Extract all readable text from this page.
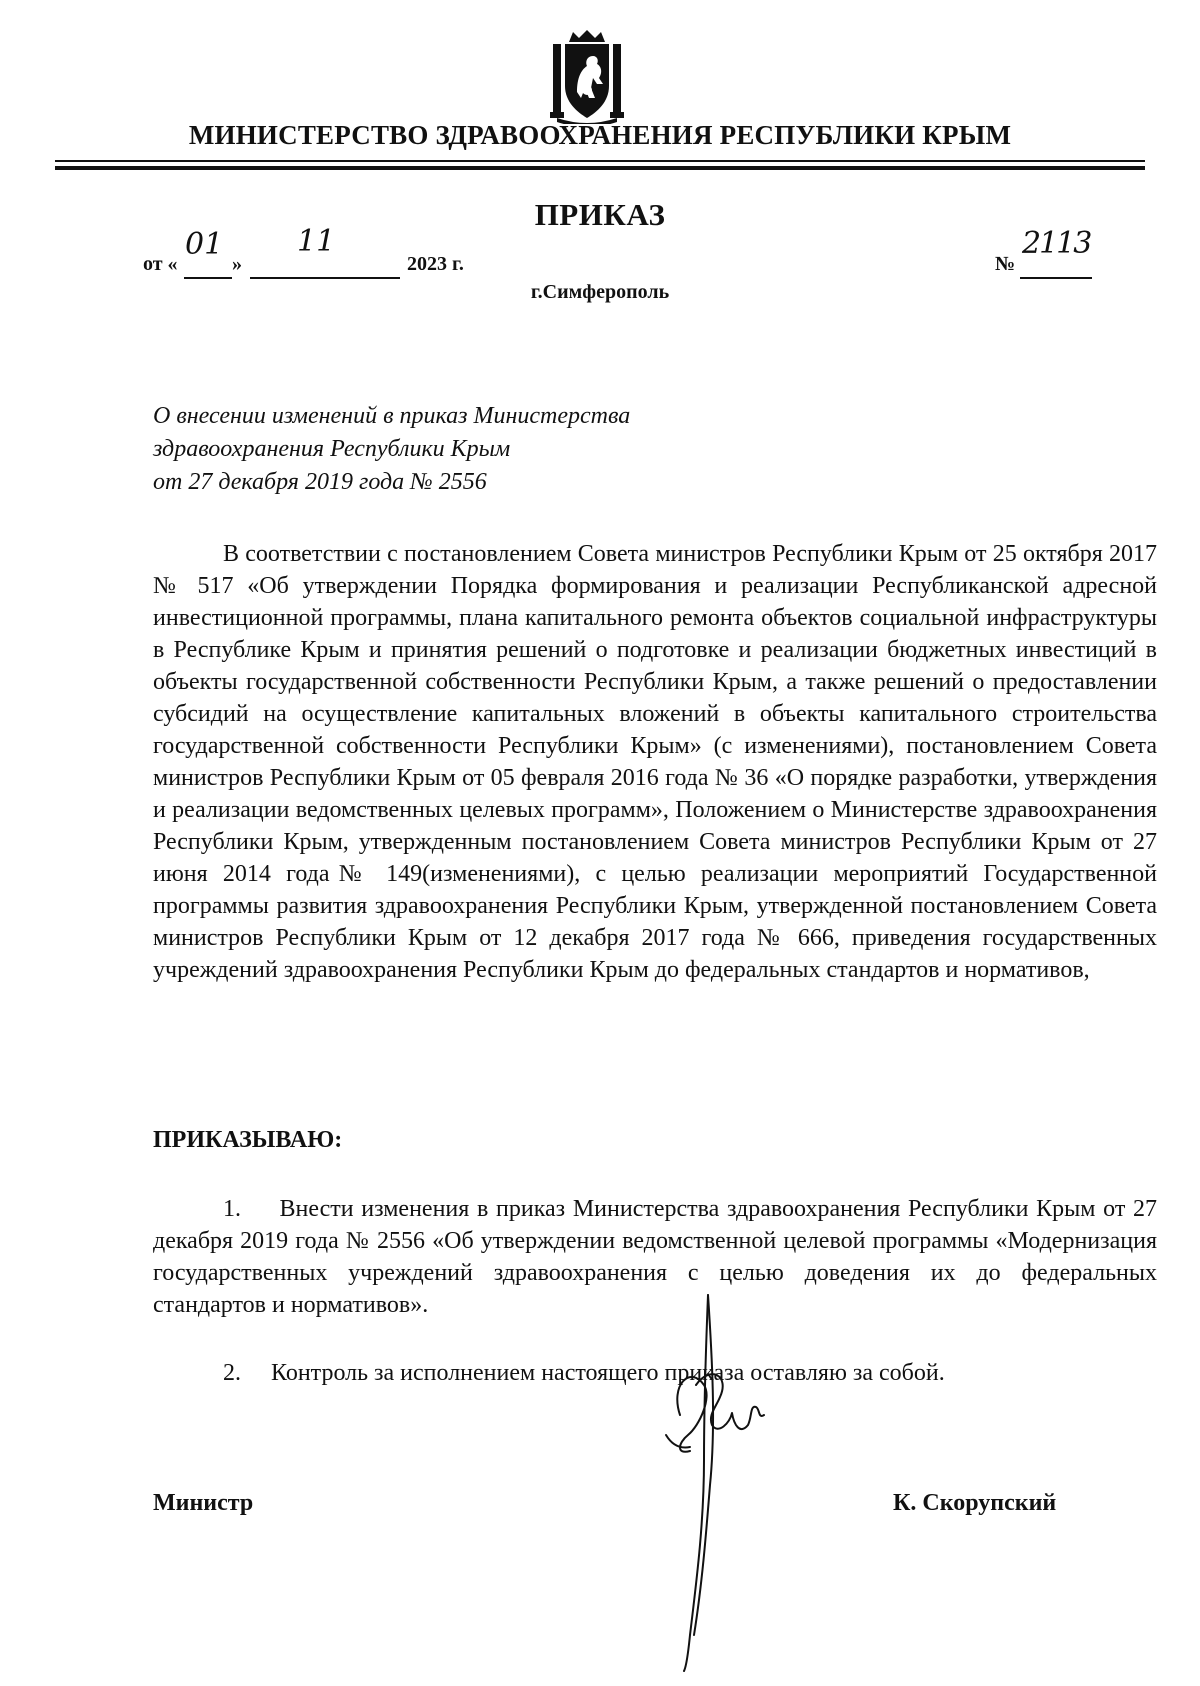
МИНИСТЕРСТВО ЗДРАВООХРАНЕНИЯ РЕСПУБЛИКИ КРЫМ
ПРИКАЗ
от «
01
»
11
2023 г.	№
2113
г.Симферополь
О внесении изменений в приказ Министерства
здравоохранения Республики Крым
от 27 декабря 2019 года № 2556

В соответствии с постановлением Совета министров Республики Крым от 25 октября 2017 № 517 «Об утверждении Порядка формирования и реализации Республиканской адресной инвестиционной программы, плана капитального ремонта объектов социальной инфраструктуры в Республике Крым и принятия решений о подготовке и реализации бюджетных инвестиций в объекты государственной собственности Республики Крым, а также решений о предоставлении субсидий на осуществление капитальных вложений в объекты капитального строительства государственной собственности Республики Крым» (с изменениями), постановлением Совета министров Республики Крым от 05 февраля 2016 года № 36 «О порядке разработки, утверждения и реализации ведомственных целевых программ», Положением о Министерстве здравоохранения Республики Крым, утвержденным постановлением Совета министров Республики Крым от 27 июня 2014 года№ 149(изменениями), с целью реализации мероприятий Государственной программы развития здравоохранения Республики Крым, утвержденной постановлением Совета министров Республики Крым от 12 декабря 2017 года № 666, приведения государственных учреждений здравоохранения Республики Крым до федеральных стандартов и нормативов,

ПРИКАЗЫВАЮ:

1. Внести изменения в приказ Министерства здравоохранения Республики Крым от 27 декабря 2019 года № 2556 «Об утверждении ведомственной целевой программы «Модернизация государственных учреждений здравоохранения с целью доведения их до федеральных стандартов и нормативов».

2. Контроль за исполнением настоящего приказа оставляю за собой.

Министр	К. Скорупский
